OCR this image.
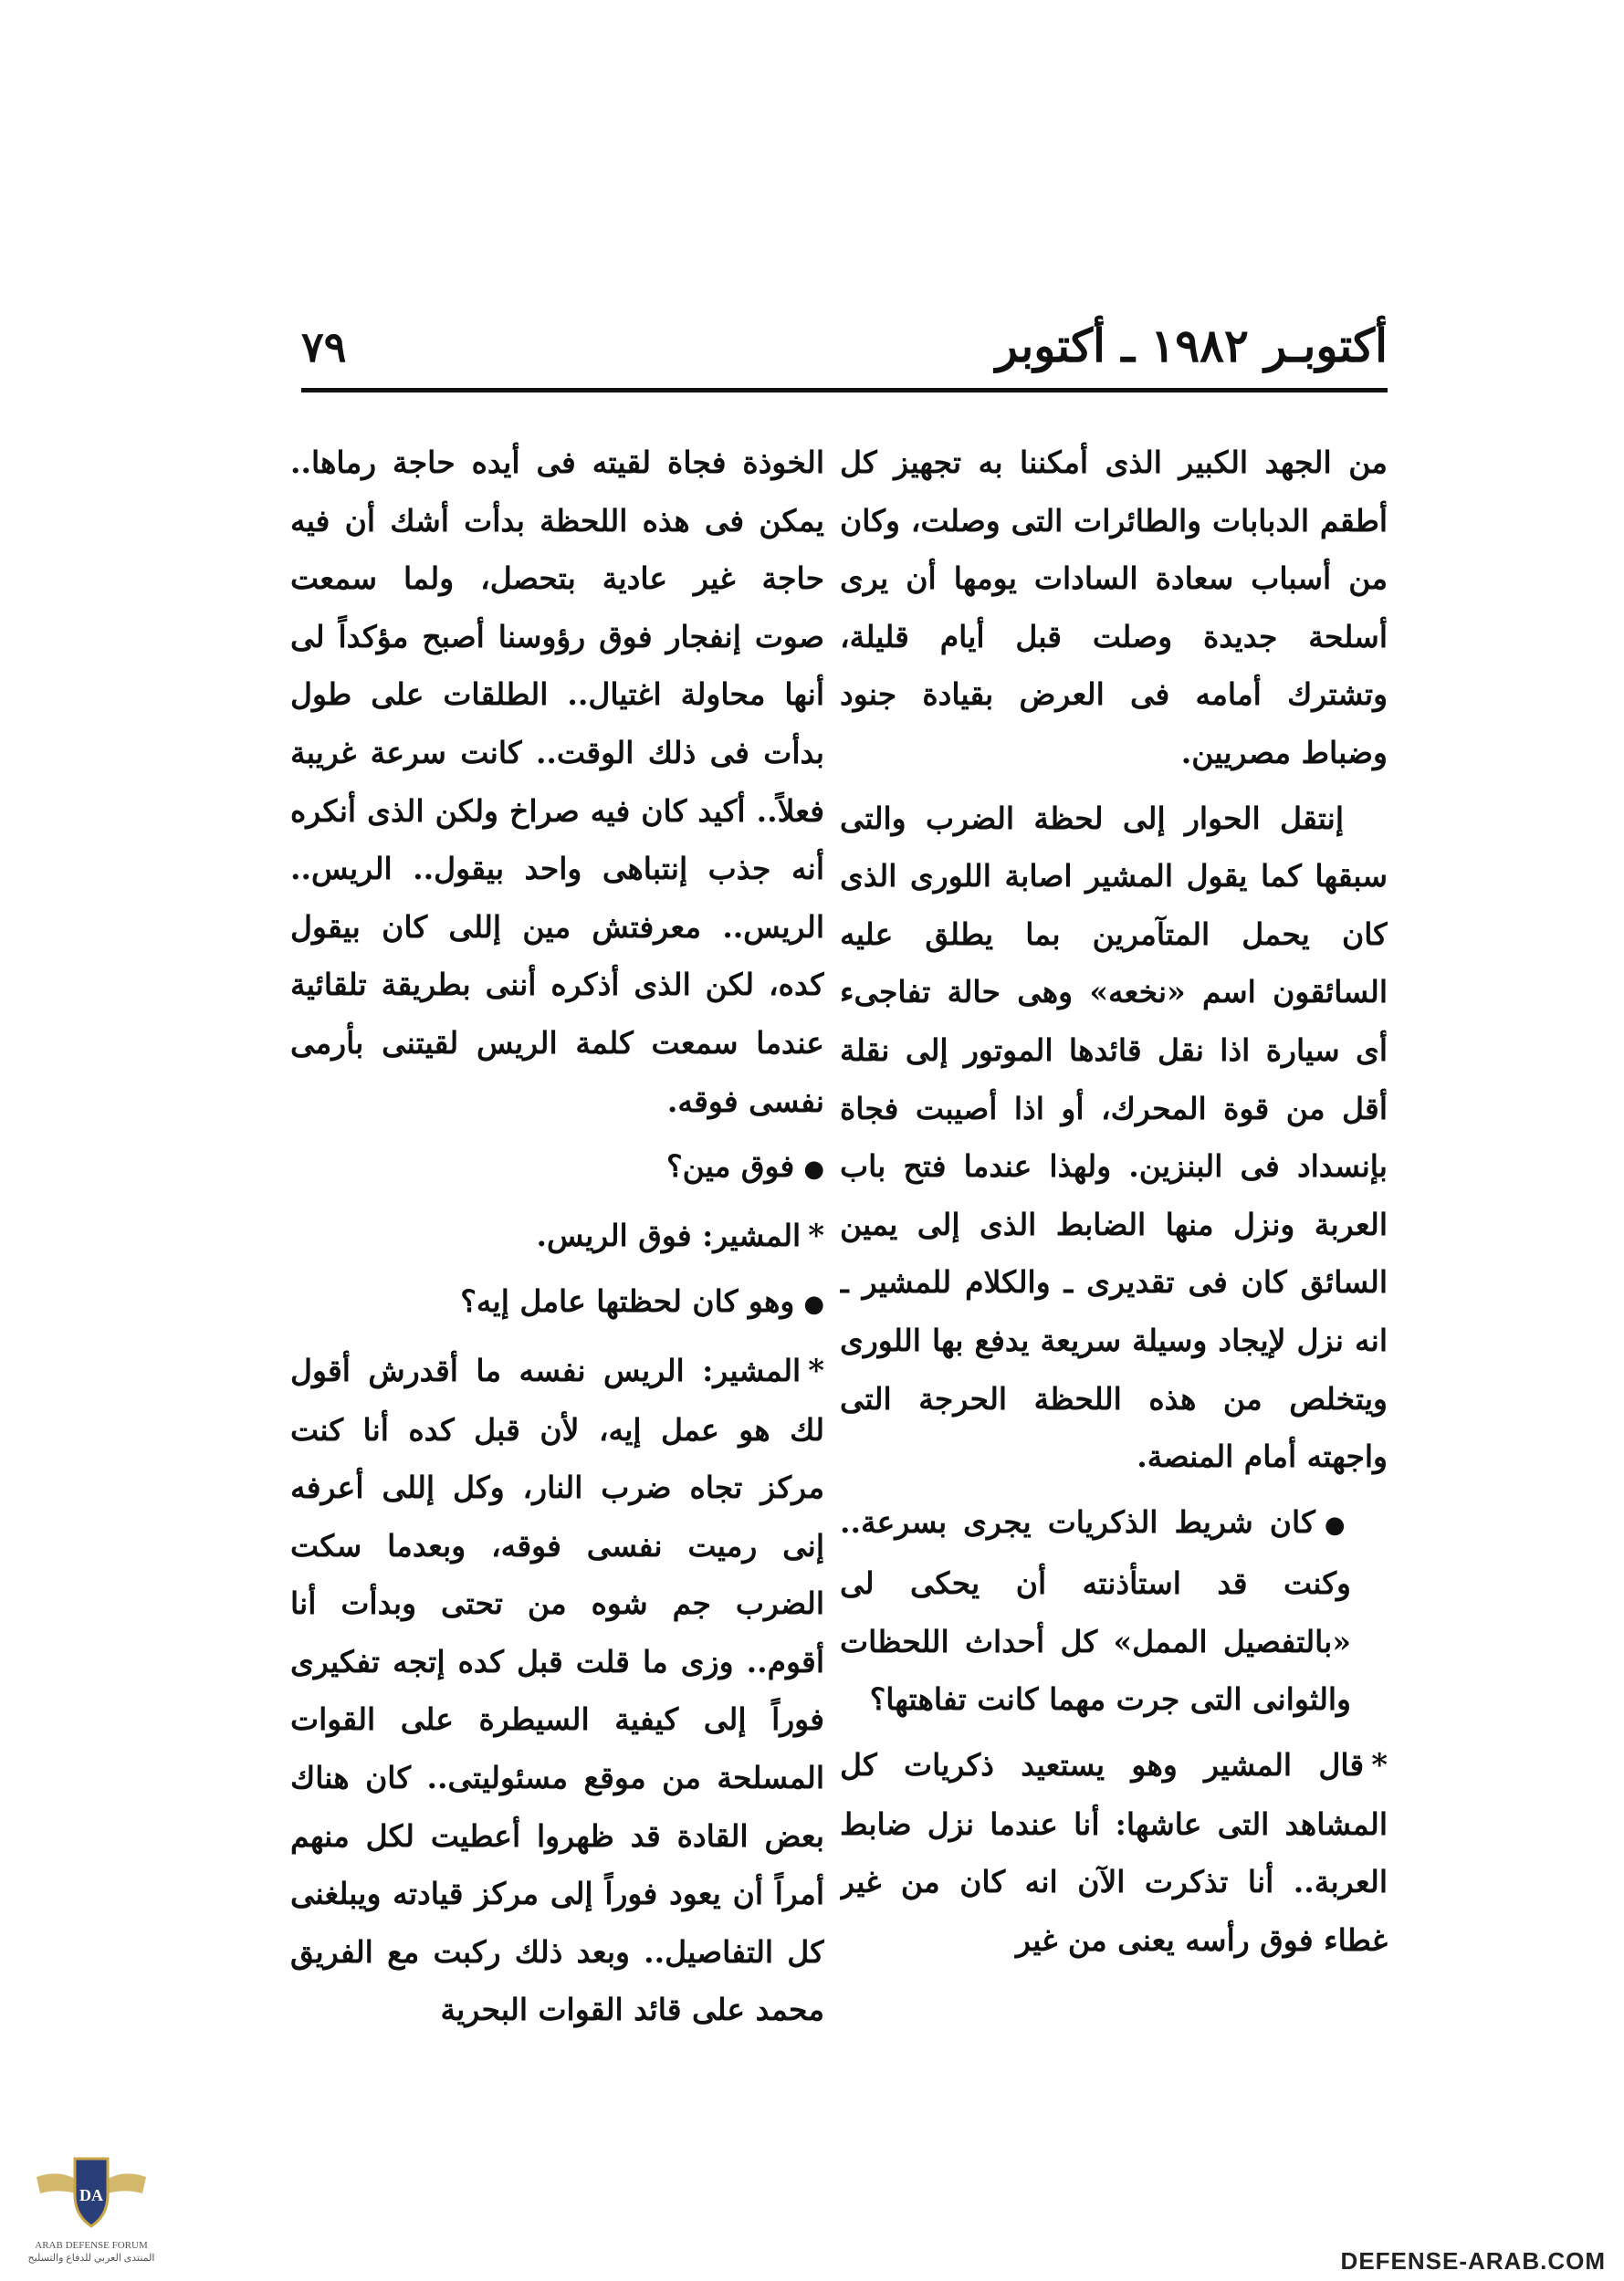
٧٩	أكتوبـر ١٩٨٢ ـ أكتوبر

من الجهد الكبير الذى أمكننا به تجهيز كل أطقم الدبابات والطائرات التى وصلت، وكان من أسباب سعادة السادات يومها أن يرى أسلحة جديدة وصلت قبل أيام قليلة، وتشترك أمامه فى العرض بقيادة جنود وضباط مصريين.

إنتقل الحوار إلى لحظة الضرب والتى سبقها كما يقول المشير اصابة اللورى الذى كان يحمل المتآمرين بما يطلق عليه السائقون اسم «نخعه» وهى حالة تفاجىء أى سيارة اذا نقل قائدها الموتور إلى نقلة أقل من قوة المحرك، أو اذا أصيبت فجاة بإنسداد فى البنزين. ولهذا عندما فتح باب العربة ونزل منها الضابط الذى إلى يمين السائق كان فى تقديرى ـ والكلام للمشير ـ انه نزل لإيجاد وسيلة سريعة يدفع بها اللورى ويتخلص من هذه اللحظة الحرجة التى واجهته أمام المنصة.

●كان شريط الذكريات يجرى بسرعة.. وكنت قد استأذنته أن يحكى لى «بالتفصيل الممل» كل أحداث اللحظات والثوانى التى جرت مهما كانت تفاهتها؟

*قال المشير وهو يستعيد ذكريات كل المشاهد التى عاشها: أنا عندما نزل ضابط العربة.. أنا تذكرت الآن انه كان من غير غطاء فوق رأسه يعنى من غير

الخوذة فجاة لقيته فى أيده حاجة رماها.. يمكن فى هذه اللحظة بدأت أشك أن فيه حاجة غير عادية بتحصل، ولما سمعت صوت إنفجار فوق رؤوسنا أصبح مؤكداً لى أنها محاولة اغتيال.. الطلقات على طول بدأت فى ذلك الوقت.. كانت سرعة غريبة فعلاً.. أكيد كان فيه صراخ ولكن الذى أنكره أنه جذب إنتباهى واحد بيقول.. الريس.. الريس.. معرفتش مين إللى كان بيقول كده، لكن الذى أذكره أننى بطريقة تلقائية عندما سمعت كلمة الريس لقيتنى بأرمى نفسى فوقه.

●فوق مين؟

*المشير: فوق الريس.

●وهو كان لحظتها عامل إيه؟

*المشير: الريس نفسه ما أقدرش أقول لك هو عمل إيه، لأن قبل كده أنا كنت مركز تجاه ضرب النار، وكل إللى أعرفه إنى رميت نفسى فوقه، وبعدما سكت الضرب جم شوه من تحتى وبدأت أنا أقوم.. وزى ما قلت قبل كده إتجه تفكيرى فوراً إلى كيفية السيطرة على القوات المسلحة من موقع مسئوليتى.. كان هناك بعض القادة قد ظهروا أعطيت لكل منهم أمراً أن يعود فوراً إلى مركز قيادته ويبلغنى كل التفاصيل.. وبعد ذلك ركبت مع الفريق محمد على قائد القوات البحرية

DA
ARAB DEFENSE FORUM
المنتدى العربي للدفاع والتسليح	DEFENSE-ARAB.COM
